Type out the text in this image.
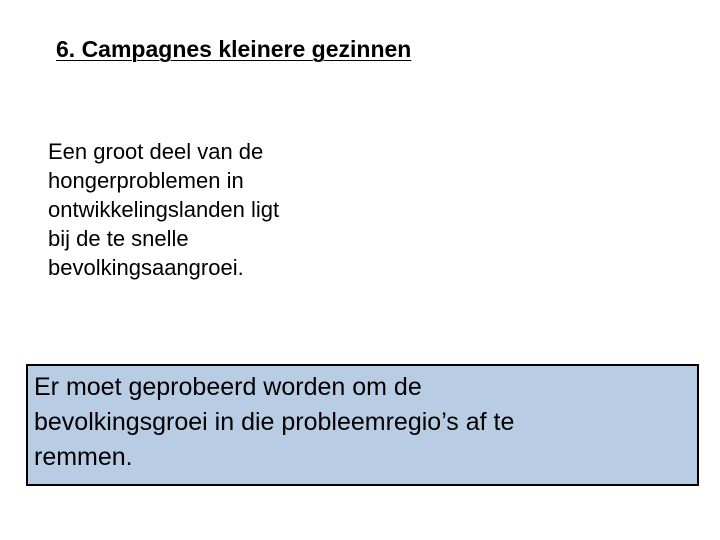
6. Campagnes kleinere gezinnen
Een groot deel van de
hongerproblemen in
ontwikkelingslanden ligt
bij de te snelle
bevolkingsaangroei.
Er moet geprobeerd worden om de
bevolkingsgroei in die probleemregio’s af te
remmen.
